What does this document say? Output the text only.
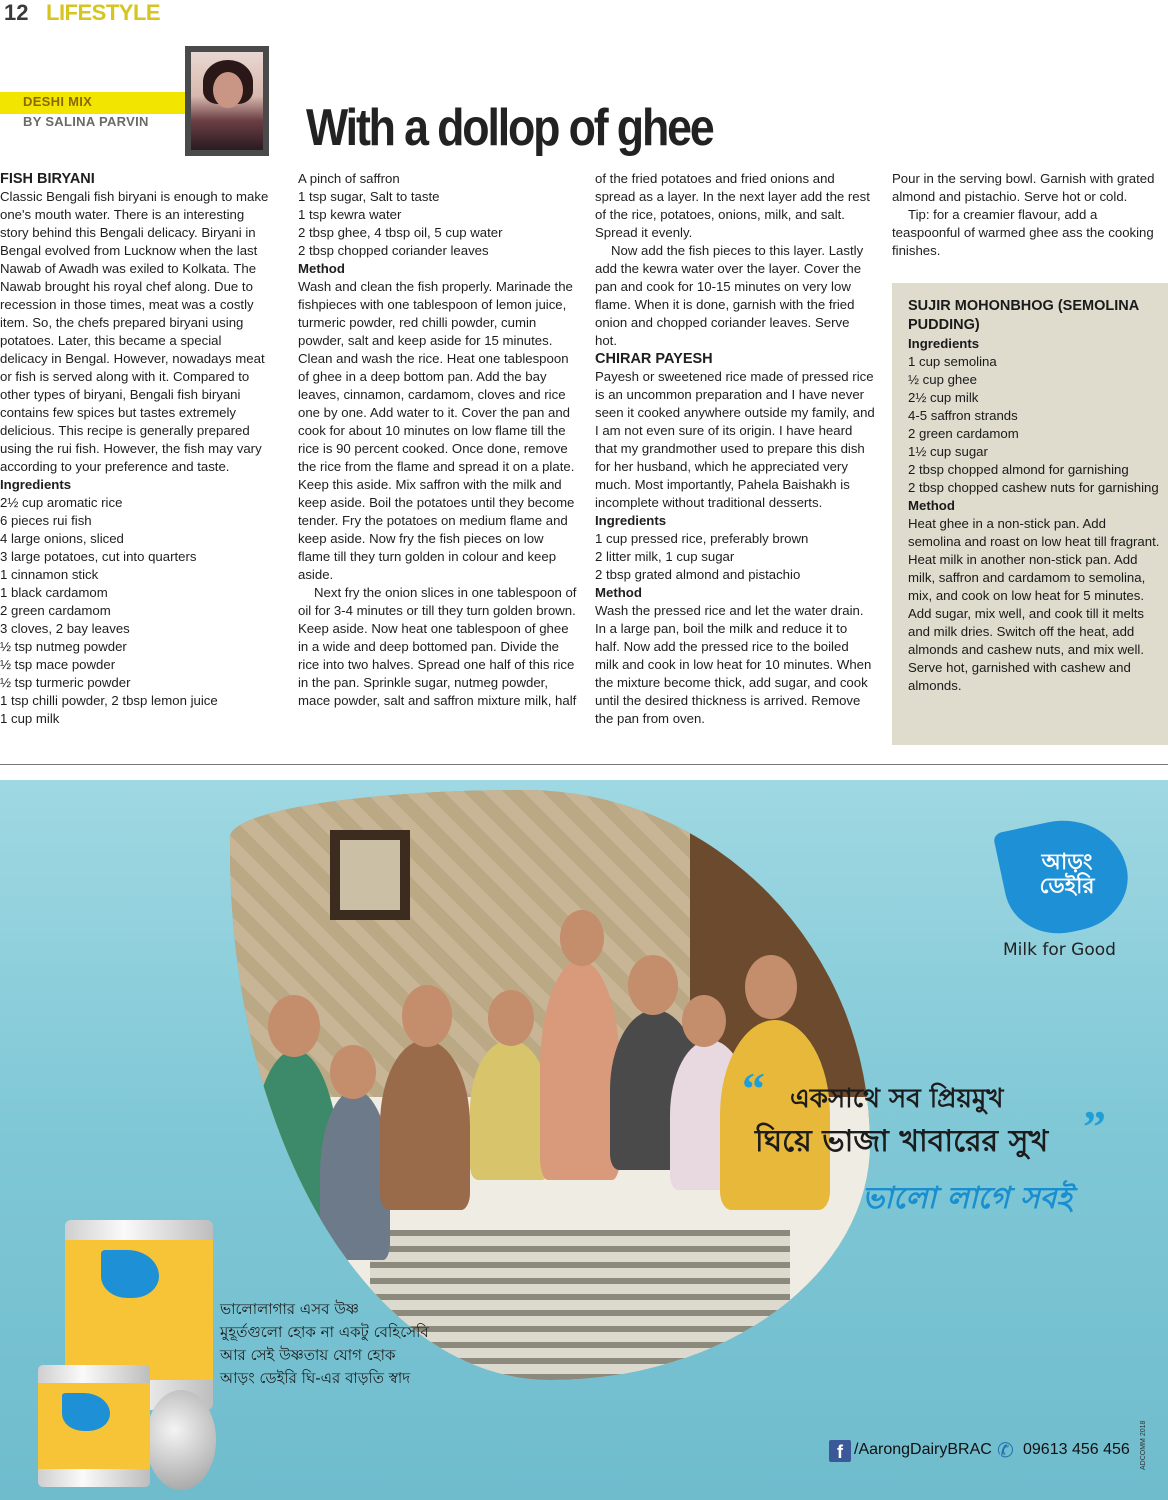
12 LIFESTYLE
DESHI MIX
BY SALINA PARVIN	With a dollop of ghee
FISH BIRYANI
Classic Bengali fish biryani is enough to make one's mouth water. There is an interesting story behind this Bengali delicacy. Biryani in Bengal evolved from Lucknow when the last Nawab of Awadh was exiled to Kolkata. The Nawab brought his royal chef along. Due to recession in those times, meat was a costly item. So, the chefs prepared biryani using potatoes. Later, this became a special delicacy in Bengal. However, nowadays meat or fish is served along with it. Compared to other types of biryani, Bengali fish biryani contains few spices but tastes extremely delicious. This recipe is generally prepared using the rui fish. However, the fish may vary according to your preference and taste.
Ingredients
2½ cup aromatic rice
6 pieces rui fish
4 large onions, sliced
3 large potatoes, cut into quarters
1 cinnamon stick
1 black cardamom
2 green cardamom
3 cloves, 2 bay leaves
½ tsp nutmeg powder
½ tsp mace powder
½ tsp turmeric powder
1 tsp chilli powder, 2 tbsp lemon juice
1 cup milk
A pinch of saffron
1 tsp sugar, Salt to taste
1 tsp kewra water
2 tbsp ghee, 4 tbsp oil, 5 cup water
2 tbsp chopped coriander leaves
Method
Wash and clean the fish properly. Marinade the fishpieces with one tablespoon of lemon juice, turmeric powder, red chilli powder, cumin powder, salt and keep aside for 15 minutes. Clean and wash the rice. Heat one tablespoon of ghee in a deep bottom pan. Add the bay leaves, cinnamon, cardamom, cloves and rice one by one. Add water to it. Cover the pan and cook for about 10 minutes on low flame till the rice is 90 percent cooked. Once done, remove the rice from the flame and spread it on a plate. Keep this aside. Mix saffron with the milk and keep aside. Boil the potatoes until they become tender. Fry the potatoes on medium flame and keep aside. Now fry the fish pieces on low flame till they turn golden in colour and keep aside.
Next fry the onion slices in one tablespoon of oil for 3-4 minutes or till they turn golden brown. Keep aside. Now heat one tablespoon of ghee in a wide and deep bottomed pan. Divide the rice into two halves. Spread one half of this rice in the pan. Sprinkle sugar, nutmeg powder, mace powder, salt and saffron mixture milk, half
of the fried potatoes and fried onions and spread as a layer. In the next layer add the rest of the rice, potatoes, onions, milk, and salt. Spread it evenly.
Now add the fish pieces to this layer. Lastly add the kewra water over the layer. Cover the pan and cook for 10-15 minutes on very low flame. When it is done, garnish with the fried onion and chopped coriander leaves. Serve hot.
CHIRAR PAYESH
Payesh or sweetened rice made of pressed rice is an uncommon preparation and I have never seen it cooked anywhere outside my family, and I am not even sure of its origin. I have heard that my grandmother used to prepare this dish for her husband, which he appreciated very much. Most importantly, Pahela Baishakh is incomplete without traditional desserts.
Ingredients
1 cup pressed rice, preferably brown
2 litter milk, 1 cup sugar
2 tbsp grated almond and pistachio
Method
Wash the pressed rice and let the water drain. In a large pan, boil the milk and reduce it to half. Now add the pressed rice to the boiled milk and cook in low heat for 10 minutes. When the mixture become thick, add sugar, and cook until the desired thickness is arrived. Remove the pan from oven.
Pour in the serving bowl. Garnish with grated almond and pistachio. Serve hot or cold.
Tip: for a creamier flavour, add a teaspoonful of warmed ghee ass the cooking finishes.
SUJIR MOHONBHOG (SEMOLINA PUDDING)
Ingredients
1 cup semolina
½ cup ghee
2½ cup milk
4-5 saffron strands
2 green cardamom
1½ cup sugar
2 tbsp chopped almond for garnishing
2 tbsp chopped cashew nuts for garnishing
Method
Heat ghee in a non-stick pan. Add semolina and roast on low heat till fragrant. Heat milk in another non-stick pan. Add milk, saffron and cardamom to semolina, mix, and cook on low heat for 5 minutes. Add sugar, mix well, and cook till it melts and milk dries. Switch off the heat, add almonds and cashew nuts, and mix well. Serve hot, garnished with cashew and almonds.
আড়ং ডেইরি
Milk for Good
“ একসাথে সব প্রিয়মুখ
ঘিয়ে ভাজা খাবারের সুখ ”
ভালো লাগে সবই
ভালোলাগার এসব উষ্ণ
মুহূর্তগুলো হোক না একটু বেহিসেবি
আর সেই উষ্ণতায় যোগ হোক
আড়ং ডেইরি ঘি-এর বাড়তি স্বাদ
f /AarongDairyBRAC ✆ 09613 456 456 ADCOMM 2018
